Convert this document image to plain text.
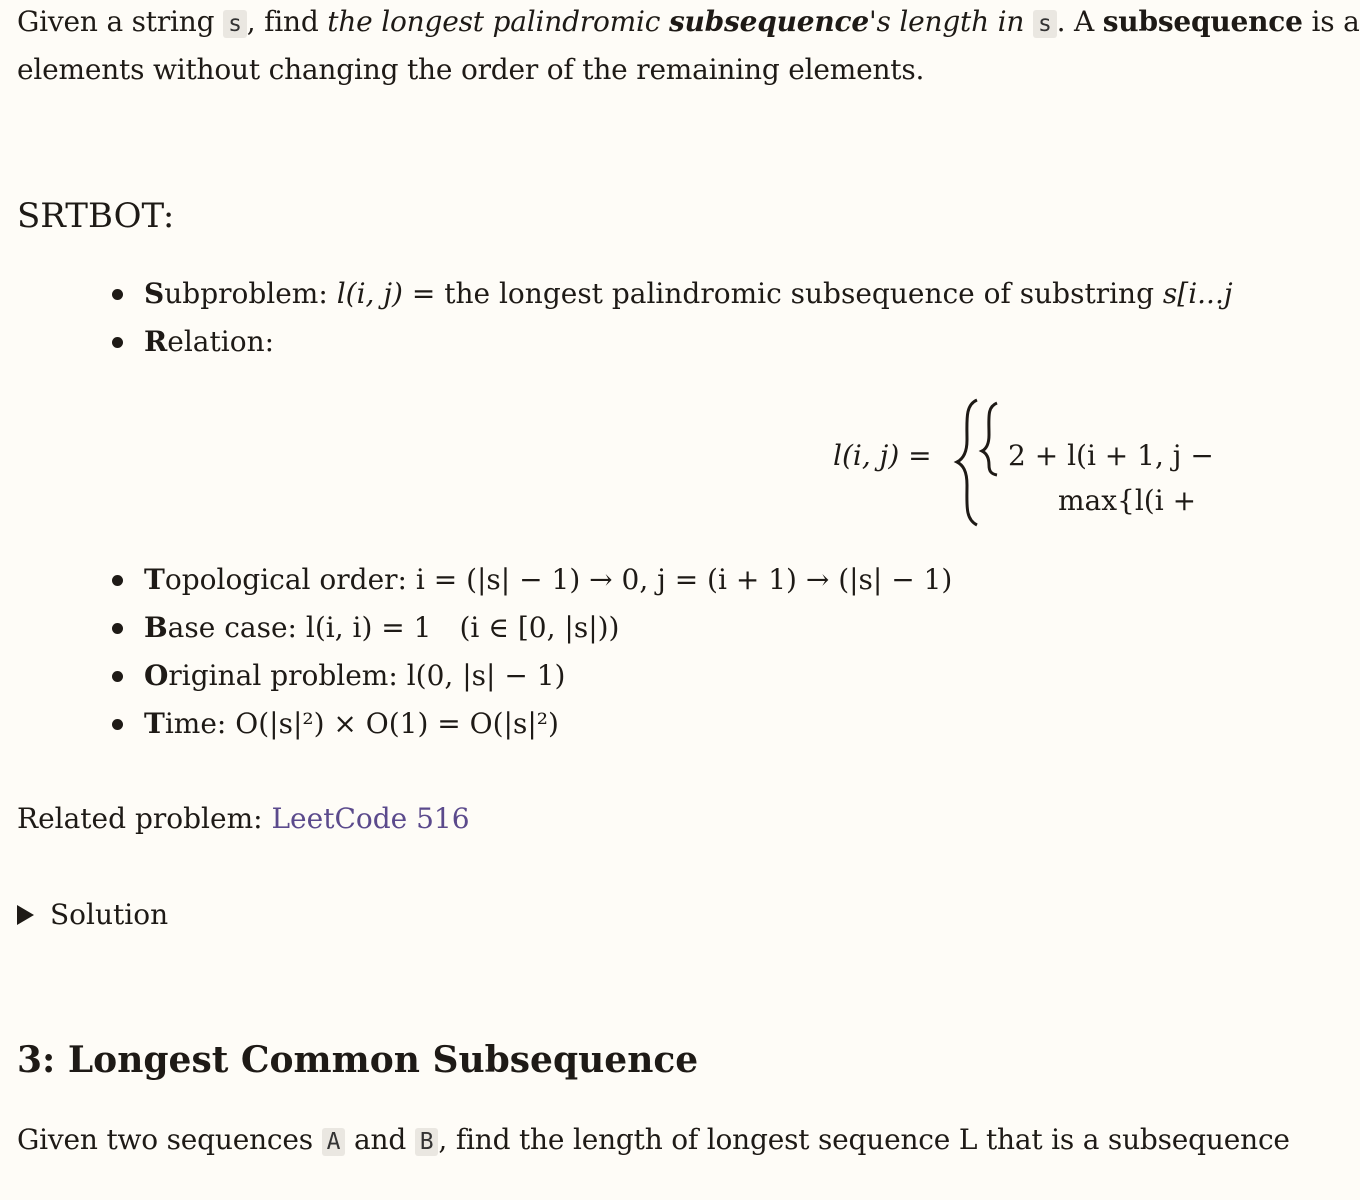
Given a string s , find the longest palindromic subsequence's length in s . A subsequence is a
elements without changing the order of the remaining elements.
SRTBOT:
Subproblem: l(i, j) = the longest palindromic subsequence of substring s[i...j
Relation:
l(i, j) =	2 + l(i + 1, j −
max{l(i +
Topological order: i = (|s| − 1) → 0, j = (i + 1) → (|s| − 1)
Base case: l(i, i) = 1 (i ∈ [0, |s|))
Original problem: l(0, |s| − 1)
Time: O(|s|²) × O(1) = O(|s|²)
Related problem: LeetCode 516
Solution
3: Longest Common Subsequence
Given two sequences A and B , find the length of longest sequence L that is a subsequence
